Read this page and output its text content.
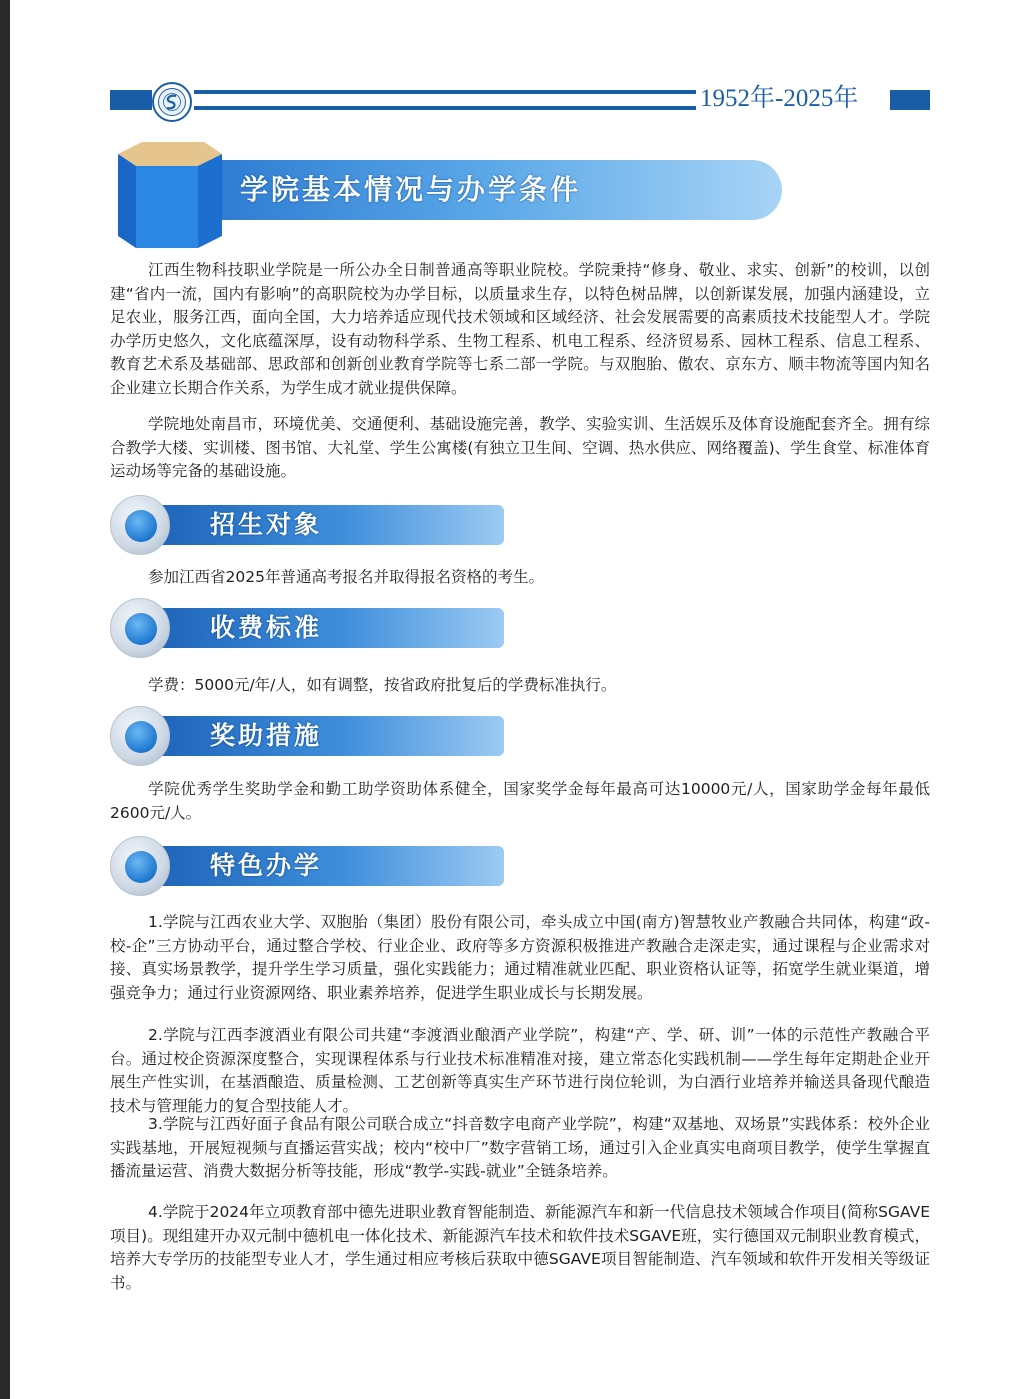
1952年-2025年
学院基本情况与办学条件

江西生物科技职业学院是一所公办全日制普通高等职业院校。学院秉持“修身、敬业、求实、创新”的校训，以创建“省内一流，国内有影响”的高职院校为办学目标，以质量求生存，以特色树品牌，以创新谋发展，加强内涵建设，立足农业，服务江西，面向全国，大力培养适应现代技术领域和区域经济、社会发展需要的高素质技术技能型人才。学院办学历史悠久，文化底蕴深厚，设有动物科学系、生物工程系、机电工程系、经济贸易系、园林工程系、信息工程系、教育艺术系及基础部、思政部和创新创业教育学院等七系二部一学院。与双胞胎、傲农、京东方、顺丰物流等国内知名企业建立长期合作关系，为学生成才就业提供保障。

学院地处南昌市，环境优美、交通便利、基础设施完善，教学、实验实训、生活娱乐及体育设施配套齐全。拥有综合教学大楼、实训楼、图书馆、大礼堂、学生公寓楼(有独立卫生间、空调、热水供应、网络覆盖)、学生食堂、标准体育运动场等完备的基础设施。

招生对象

参加江西省2025年普通高考报名并取得报名资格的考生。

收费标准

学费：5000元/年/人，如有调整，按省政府批复后的学费标准执行。

奖助措施

学院优秀学生奖助学金和勤工助学资助体系健全，国家奖学金每年最高可达10000元/人，国家助学金每年最低2600元/人。

特色办学

1.学院与江西农业大学、双胞胎（集团）股份有限公司，牵头成立中国(南方)智慧牧业产教融合共同体，构建“政-校-企”三方协动平台，通过整合学校、行业企业、政府等多方资源积极推进产教融合走深走实，通过课程与企业需求对接、真实场景教学，提升学生学习质量，强化实践能力；通过精准就业匹配、职业资格认证等，拓宽学生就业渠道，增强竞争力；通过行业资源网络、职业素养培养，促进学生职业成长与长期发展。

2.学院与江西李渡酒业有限公司共建“李渡酒业酿酒产业学院”，构建“产、学、研、训”一体的示范性产教融合平台。通过校企资源深度整合，实现课程体系与行业技术标准精准对接，建立常态化实践机制——学生每年定期赴企业开展生产性实训，在基酒酿造、质量检测、工艺创新等真实生产环节进行岗位轮训，为白酒行业培养并输送具备现代酿造技术与管理能力的复合型技能人才。

3.学院与江西好面子食品有限公司联合成立“抖音数字电商产业学院”，构建“双基地、双场景”实践体系：校外企业实践基地，开展短视频与直播运营实战；校内“校中厂”数字营销工场，通过引入企业真实电商项目教学，使学生掌握直播流量运营、消费大数据分析等技能，形成“教学-实践-就业”全链条培养。

4.学院于2024年立项教育部中德先进职业教育智能制造、新能源汽车和新一代信息技术领域合作项目(简称SGAVE项目)。现组建开办双元制中德机电一体化技术、新能源汽车技术和软件技术SGAVE班，实行德国双元制职业教育模式，培养大专学历的技能型专业人才，学生通过相应考核后获取中德SGAVE项目智能制造、汽车领域和软件开发相关等级证书。
